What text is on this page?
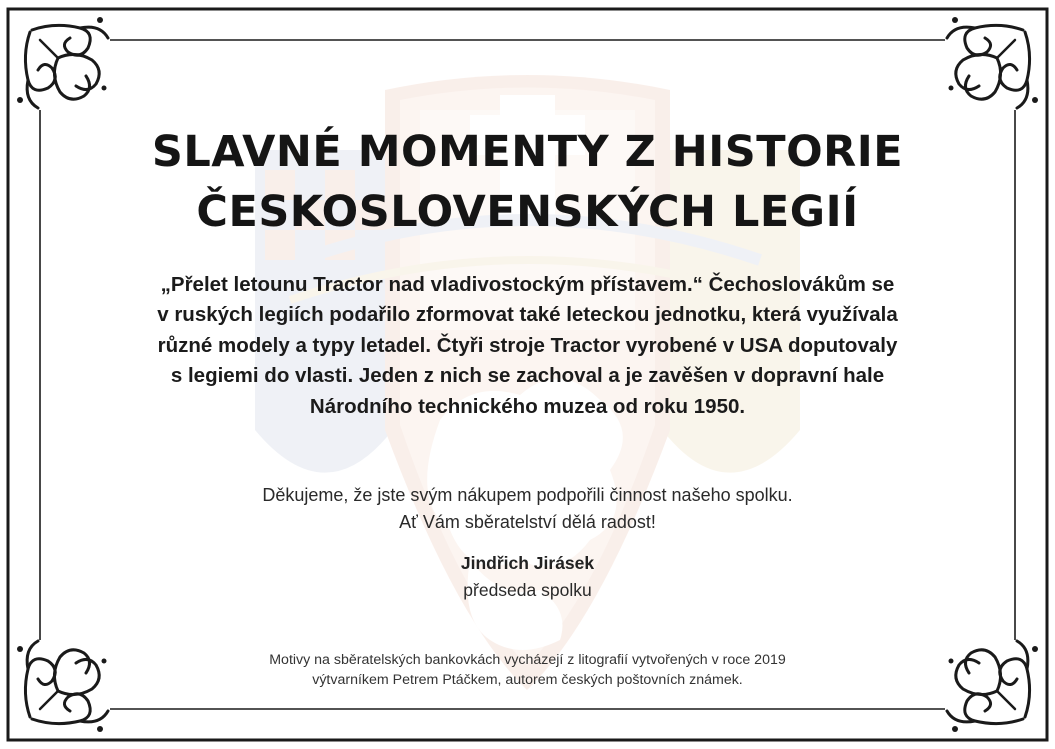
SLAVNÉ MOMENTY Z HISTORIE
ČESKOSLOVENSKÝCH LEGIÍ
„Přelet letounu Tractor nad vladivostockým přístavem.“ Čechoslovákům se
v ruských legiích podařilo zformovat také leteckou jednotku, která využívala
různé modely a typy letadel. Čtyři stroje Tractor vyrobené v USA doputovaly
s legiemi do vlasti. Jeden z nich se zachoval a je zavěšen v dopravní hale
Národního technického muzea od roku 1950.
Děkujeme, že jste svým nákupem podpořili činnost našeho spolku.
Ať Vám sběratelství dělá radost!
Jindřich Jirásek
předseda spolku
Motivy na sběratelských bankovkách vycházejí z litografií vytvořených v roce 2019
výtvarníkem Petrem Ptáčkem, autorem českých poštovních známek.
